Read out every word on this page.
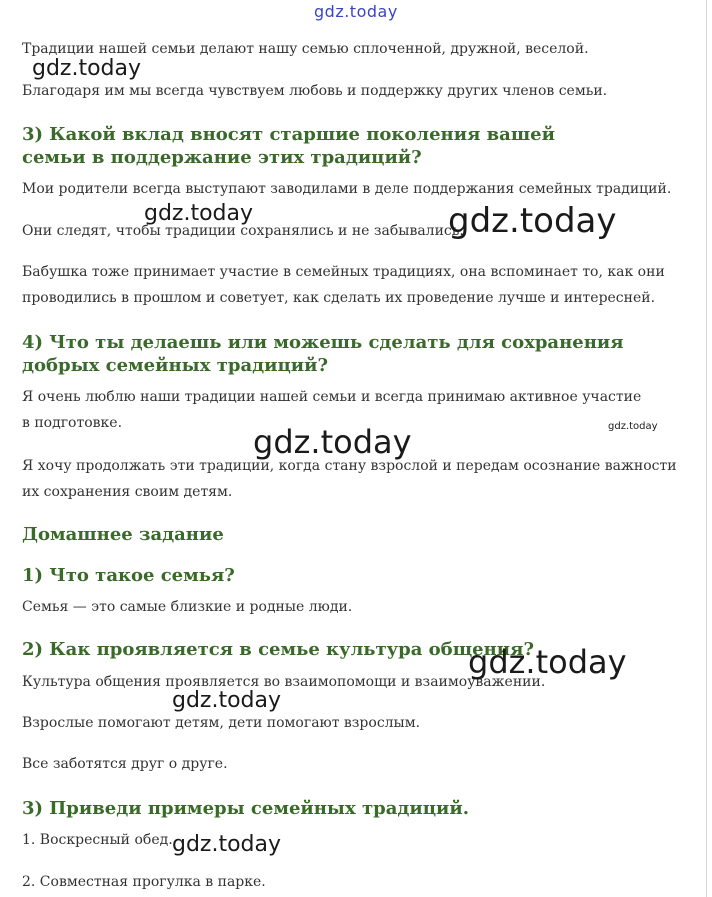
gdz.today
Традиции нашей семьи делают нашу семью сплоченной, дружной, веселой.
Благодаря им мы всегда чувствуем любовь и поддержку других членов семьи.
3) Какой вклад вносят старшие поколения вашей семьи в поддержание этих традиций?
Мои родители всегда выступают заводилами в деле поддержания семейных традиций.
Они следят, чтобы традиции сохранялись и не забывались.
Бабушка тоже принимает участие в семейных традициях, она вспоминает то, как они проводились в прошлом и советует, как сделать их проведение лучше и интересней.
4) Что ты делаешь или можешь сделать для сохранения добрых семейных традиций?
Я очень люблю наши традиции нашей семьи и всегда принимаю активное участие в подготовке.
Я хочу продолжать эти традиции, когда стану взрослой и передам осознание важности их сохранения своим детям.
Домашнее задание
1) Что такое семья?
Семья — это самые близкие и родные люди.
2) Как проявляется в семье культура общения?
Культура общения проявляется во взаимопомощи и взаимоуважении.
Взрослые помогают детям, дети помогают взрослым.
Все заботятся друг о друге.
3) Приведи примеры семейных традиций.
1. Воскресный обед.
2. Совместная прогулка в парке.
gdz.today
gdz.today	gdz.today
gdz.today	gdz.today
gdz.today
gdz.today
gdz.today
